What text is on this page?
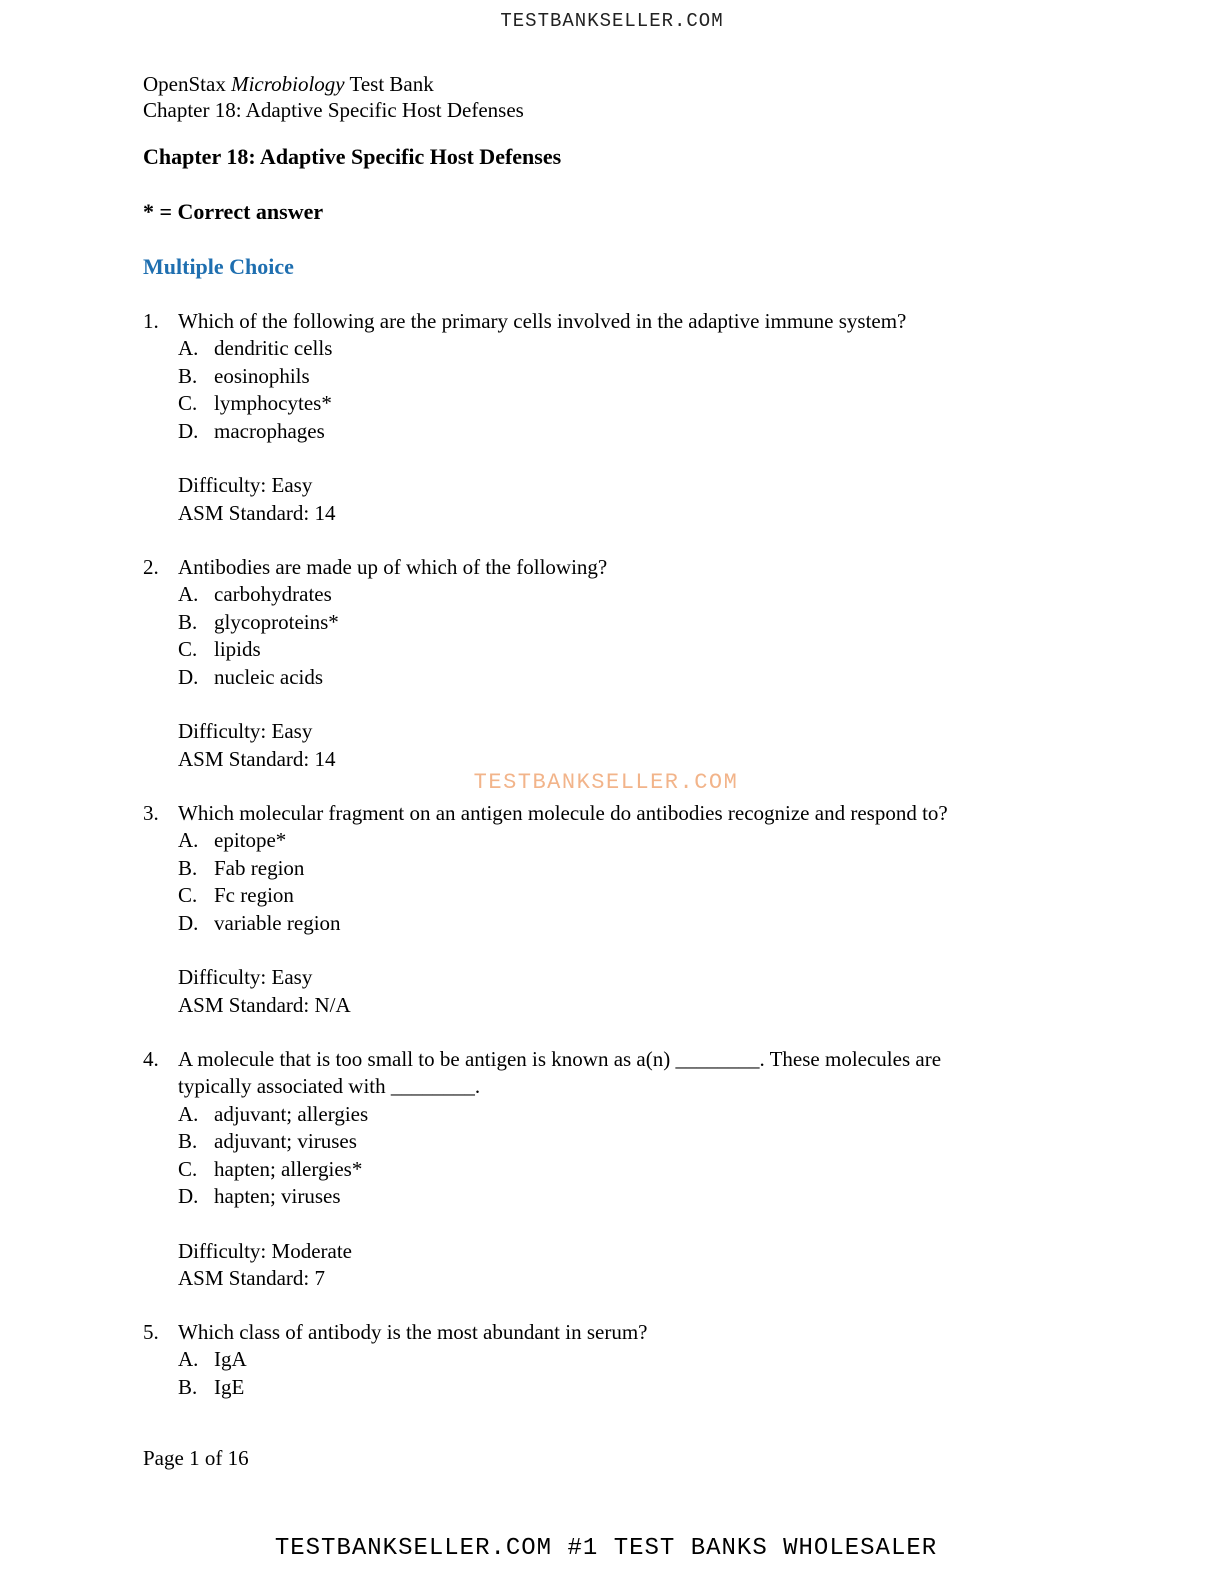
TESTBANKSELLER.COM
OpenStax Microbiology Test Bank
Chapter 18: Adaptive Specific Host Defenses
Chapter 18: Adaptive Specific Host Defenses
* = Correct answer
Multiple Choice
1. Which of the following are the primary cells involved in the adaptive immune system?
A. dendritic cells
B. eosinophils
C. lymphocytes*
D. macrophages
Difficulty: Easy
ASM Standard: 14
2. Antibodies are made up of which of the following?
A. carbohydrates
B. glycoproteins*
C. lipids
D. nucleic acids
Difficulty: Easy
ASM Standard: 14
TESTBANKSELLER.COM
3. Which molecular fragment on an antigen molecule do antibodies recognize and respond to?
A. epitope*
B. Fab region
C. Fc region
D. variable region
Difficulty: Easy
ASM Standard: N/A
4. A molecule that is too small to be antigen is known as a(n) ________. These molecules are
typically associated with ________.
A. adjuvant; allergies
B. adjuvant; viruses
C. hapten; allergies*
D. hapten; viruses
Difficulty: Moderate
ASM Standard: 7
5. Which class of antibody is the most abundant in serum?
A. IgA
B. IgE
Page 1 of 16
TESTBANKSELLER.COM #1 TEST BANKS WHOLESALER
